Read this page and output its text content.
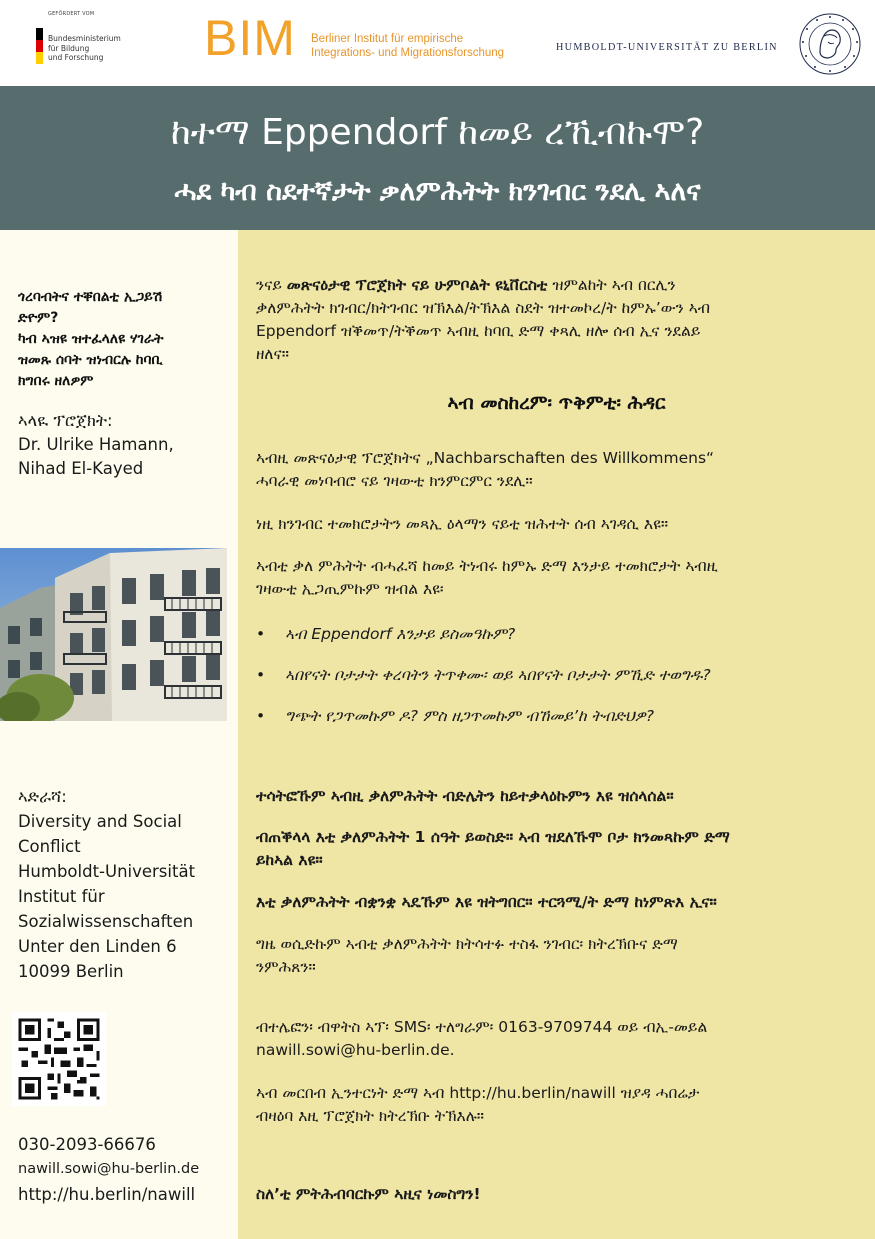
GEFÖRDERT VOM
Bundesministerium
für Bildung
und Forschung	BIM Berliner Institut für empirische
Integrations- und Migrationsforschung	HUMBOLDT-UNIVERSITÄT ZU BERLIN
ከተማ Eppendorf ከመይ ረኺብኩሞ?
ሓደ ካብ ስደተኛታት ቃለምሕትት ክንገብር ንደሊ ኣለና
ጎረባብትና ተቐበልቲ ኢጋይሽ
ድዮም?
ካብ ኣዝዩ ዝተፈላለዩ ሃገራት
ዝመጹ ሰባት ዝነብርሉ ከባቢ
ክግበሩ ዘለዎም
ኣላዪ ፕሮጀክት:
Dr. Ulrike Hamann,
Nihad El-Kayed
ኣድራሻ:
Diversity and Social
Conflict
Humboldt-Universität
Institut für
Sozialwissenschaften
Unter den Linden 6
10099 Berlin
030-2093-66676
nawill.sowi@hu-berlin.de
http://hu.berlin/nawill
ንናይ መጽናዕታዊ ፕሮጀክት ናይ ሁምቦልት ዩኒቨርስቲ ዝምልከት ኣብ በርሊን
ቃለምሕትት ክገብር/ክትገብር ዝኽእል/ትኽእል ስደት ዝተመኮረ/ት ከምኡ’ውን ኣብ
Eppendorf ዝቕመጥ/ትቕመጥ ኣብዚ ከባቢ ድማ ቀጻሊ ዘሎ ሰብ ኢና ንደልይ
ዘለና።
ኣብ መስከረም፡ ጥቅምቲ፡ ሕዳር
ኣብዚ መጽናዕታዊ ፕሮጀክትና „Nachbarschaften des Willkommens“
ሓባራዊ መነባብሮ ናይ ገዛውቲ ክንምርምር ንደሊ።
ነዚ ክንገብር ተመክሮታትን መጻኢ ዕላማን ናይቲ ዝሕተት ሰብ ኣገዳሲ እዩ።
ኣብቲ ቃለ ምሕትት ብሓፈሻ ከመይ ትነብሩ ከምኡ ድማ እንታይ ተመክሮታት ኣብዚ
ገዛውቲ ኢጋጢምኩም ዝብል እዩ፡
• ኣብ Eppendorf እንታይ ይስመዓኩም?
• ኣበየናት ቦታታት ቀረባትን ትጥቀሙ፡ ወይ ኣበየናት ቦታታት ምኺድ ተወግዱ?
• ግጭት የጋጥመኩም ዶ? ምስ ዘጋጥመኩም ብኸመይ’ከ ትብድህዎ?
ተሳትፎኹም ኣብዚ ቃለምሕትት ብድሌትን ከይተቃላዕኩምን እዩ ዝሰላሰል።
ብጠቕላላ እቲ ቃለምሕትት 1 ሰዓት ይወስድ። ኣብ ዝደለኹሞ ቦታ ክንመጻኩም ድማ
ይከኣል እዩ።
እቲ ቃለምሕትት ብቋንቋ ኣዴኹም እዩ ዝትግበር። ተርጓሚ/ት ድማ ከነምጽእ ኢና።
ግዜ ወሲድኩም ኣብቲ ቃለምሕትት ክትሳተፉ ተስፋ ንገብር፡ ክትረኽቡና ድማ
ንምሕጸን።
ብተሌፎን፡ ብዋትስ ኣፕ፡ SMS፡ ተለግራም፡ 0163-9709744 ወይ ብኢ-መይል
nawill.sowi@hu-berlin.de.
ኣብ መርበብ ኢንተርነት ድማ ኣብ http://hu.berlin/nawill ዝያዳ ሓበሬታ
ብዛዕባ እዚ ፕሮጀክት ክትረኽቡ ትኽእሉ።
ስለ’ቲ ምትሕብባርኩም ኣዚና ነመስግን!
